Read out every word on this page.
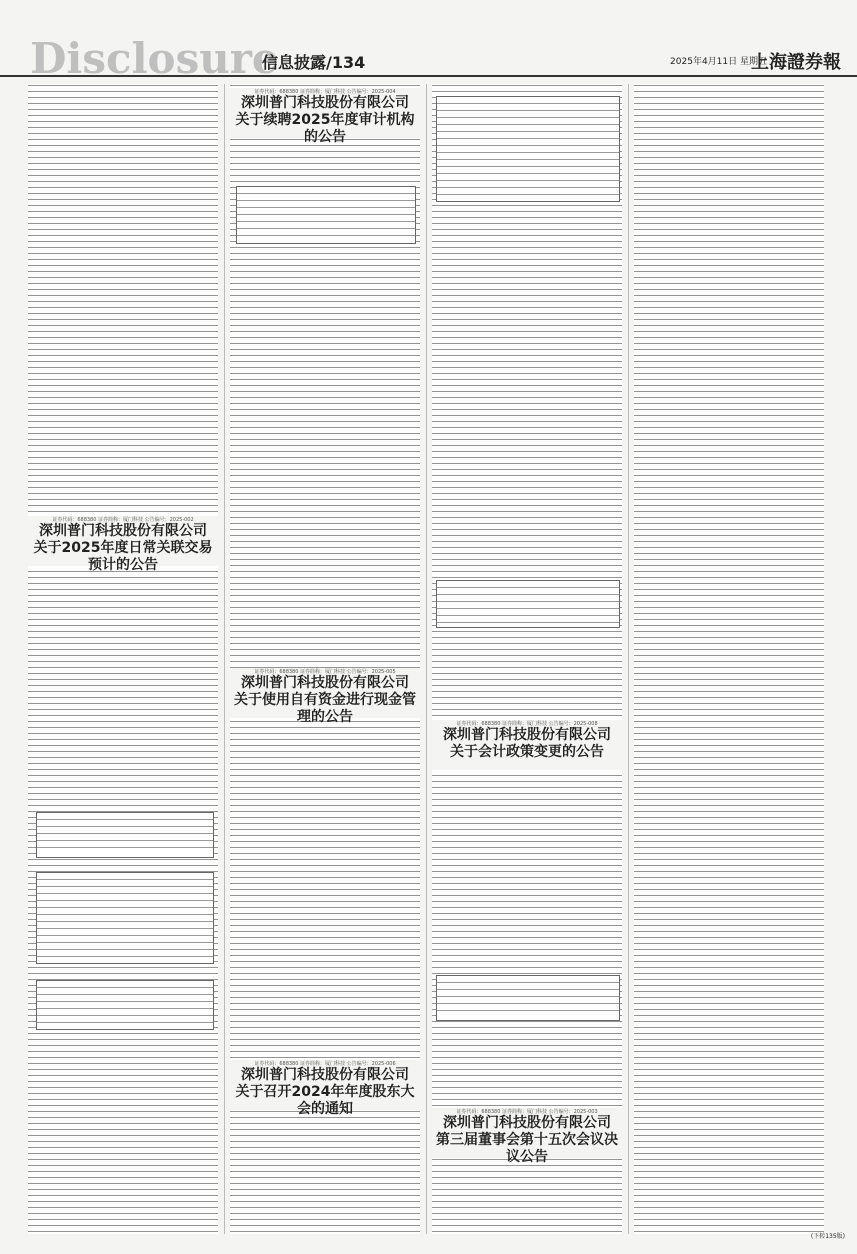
Disclosure
信息披露/134	2025年4月11日 星期五
上海證券報
证券代码：688380 证券简称：厦门科技 公告编号：2025-002
深圳普门科技股份有限公司
关于2025年度日常关联交易预计的公告
证券代码：688380 证券简称：厦门科技 公告编号：2025-004
深圳普门科技股份有限公司
关于续聘2025年度审计机构的公告
证券代码：688380 证券简称：厦门科技 公告编号：2025-005
深圳普门科技股份有限公司
关于使用自有资金进行现金管理的公告
证券代码：688380 证券简称：厦门科技 公告编号：2025-006
深圳普门科技股份有限公司
关于召开2024年年度股东大会的通知
证券代码：688380 证券简称：厦门科技 公告编号：2025-008
深圳普门科技股份有限公司
关于会计政策变更的公告
证券代码：688380 证券简称：厦门科技 公告编号：2025-003
深圳普门科技股份有限公司
第三届董事会第十五次会议决议公告
(下转135版)
